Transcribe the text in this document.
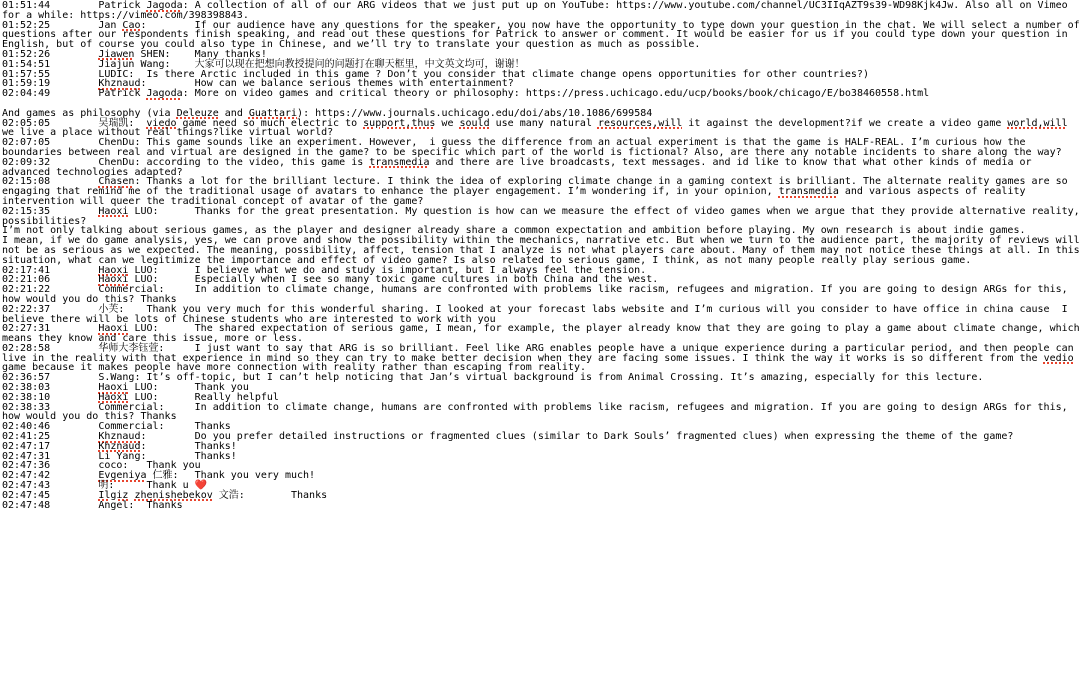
01:51:44		Patrick Jagoda: A collection of all of our ARG videos that we just put up on YouTube: https://www.youtube.com/channel/UC3IIqAZT9s39-WD98Kjk4Jw. Also all on Vimeo for a while: https://vimeo.com/398398843.
01:52:25		Jan Cao:		If our audience have any questions for the speaker, you now have the opportunity to type down your question in the chat. We will select a number of questions after our respondents finish speaking, and read out these questions for Patrick to answer or comment. It would be easier for us if you could type down your question in English, but of course you could also type in Chinese, and we’ll try to translate your question as much as possible.
01:52:26		Jiawen SHEN:	Many thanks!
01:54:51		Jiajun Wang:	大家可以现在把想向教授提问的问题打在聊天框里，中文英文均可，谢谢！
01:57:55		LUDIC: Is there Arctic included in this game ? Don’t you consider that climate change opens opportunities for other countries?)
01:59:19		Khznaud:		How can we balance serious themes with entertainment?
02:04:49		Patrick Jagoda: More on video games and critical theory or philosophy: https://press.uchicago.edu/ucp/books/book/chicago/E/bo38460558.html

And games as philosophy (via Deleuze and Guattari): https://www.journals.uchicago.edu/doi/abs/10.1086/699584
02:05:05		吴瑞凯: viedo game need so much electric to support,thus we sould use many natural resources,will it against the development?if we create a video game world,will we live a place without real things?like virtual world?
02:07:05		ChenDu: This game sounds like an experiment. However,  i guess the difference from an actual experiment is that the game is HALF-REAL. I’m curious how the boundaries between real and virtual are designed in the game? to be specific which part of the world is fictional? Also, are there any notable incidents to share along the way?
02:09:32		ChenDu: according to the video, this game is transmedia and there are live broadcasts, text messages. and id like to know that what other kinds of media or advanced technologies adapted?
02:15:08		Chasen: Thanks a lot for the brilliant lecture. I think the idea of exploring climate change in a gaming context is brilliant. The alternate reality games are so engaging that remind me of the traditional usage of avatars to enhance the player engagement. I’m wondering if, in your opinion, transmedia and various aspects of reality intervention will queer the traditional concept of avatar of the game?
02:15:35		Haoxi LUO:		Thanks for the great presentation. My question is how can we measure the effect of video games when we argue that they provide alternative reality,
possibilities?
I’m not only talking about serious games, as the player and designer already share a common expectation and ambition before playing. My own research is about indie games.
I mean, if we do game analysis, yes, we can prove and show the possibility within the mechanics, narrative etc. But when we turn to the audience part, the majority of reviews will not be as serious as we expected. The meaning, possibility, affect, tension that I analyze is not what players care about. Many of them may not notice these things at all. In this situation, what can we legitimize the importance and effect of video game? Is also related to serious game, I think, as not many people really play serious game.
02:17:41		Haoxi LUO:		I believe what we do and study is important, but I always feel the tension.
02:21:06		Haoxi LUO:		Especially when I see so many toxic game cultures in both China and the west.
02:21:22		Commercial:		In addition to climate change, humans are confronted with problems like racism, refugees and migration. If you are going to design ARGs for this, how would you do this? Thanks
02:22:37		小芙:	Thank you very much for this wonderful sharing. I looked at your forecast labs website and I’m curious will you consider to have office in china cause  I believe there will be lots of Chinese students who are interested to work with you
02:27:31		Haoxi LUO:		The shared expectation of serious game, I mean, for example, the player already know that they are going to play a game about climate change, which means they know and care this issue, more or less.
02:28:58		华师大李钰萱:		I just want to say that ARG is so brilliant. Feel like ARG enables people have a unique experience during a particular period, and then people can live in the reality with that experience in mind so they can try to make better decision when they are facing some issues. I think the way it works is so different from the vedio game because it makes people have more connection with reality rather than escaping from reality.
02:36:57		S.Wang: It’s off-topic, but I can’t help noticing that Jan’s virtual background is from Animal Crossing. It’s amazing, especially for this lecture.
02:38:03		Haoxi LUO:		Thank you
02:38:10		Haoxi LUO:		Really helpful
02:38:33		Commercial:		In addition to climate change, humans are confronted with problems like racism, refugees and migration. If you are going to design ARGs for this, how would you do this? Thanks
02:40:46		Commercial:		Thanks
02:41:25		Khznaud:		Do you prefer detailed instructions or fragmented clues (similar to Dark Souls’ fragmented clues) when expressing the theme of the game?
02:47:17		Khznaud:		Thanks!
02:47:31		Li Yang:		Thanks!
02:47:36		coco:	Thank you
02:47:42		Evgeniya 仁雅:	Thank you very much!
02:47:43		明:		Thank u ❤️
02:47:45		Ilgiz zhenishebekov 文浩:		Thanks
02:47:48		Angel:	Thanks
